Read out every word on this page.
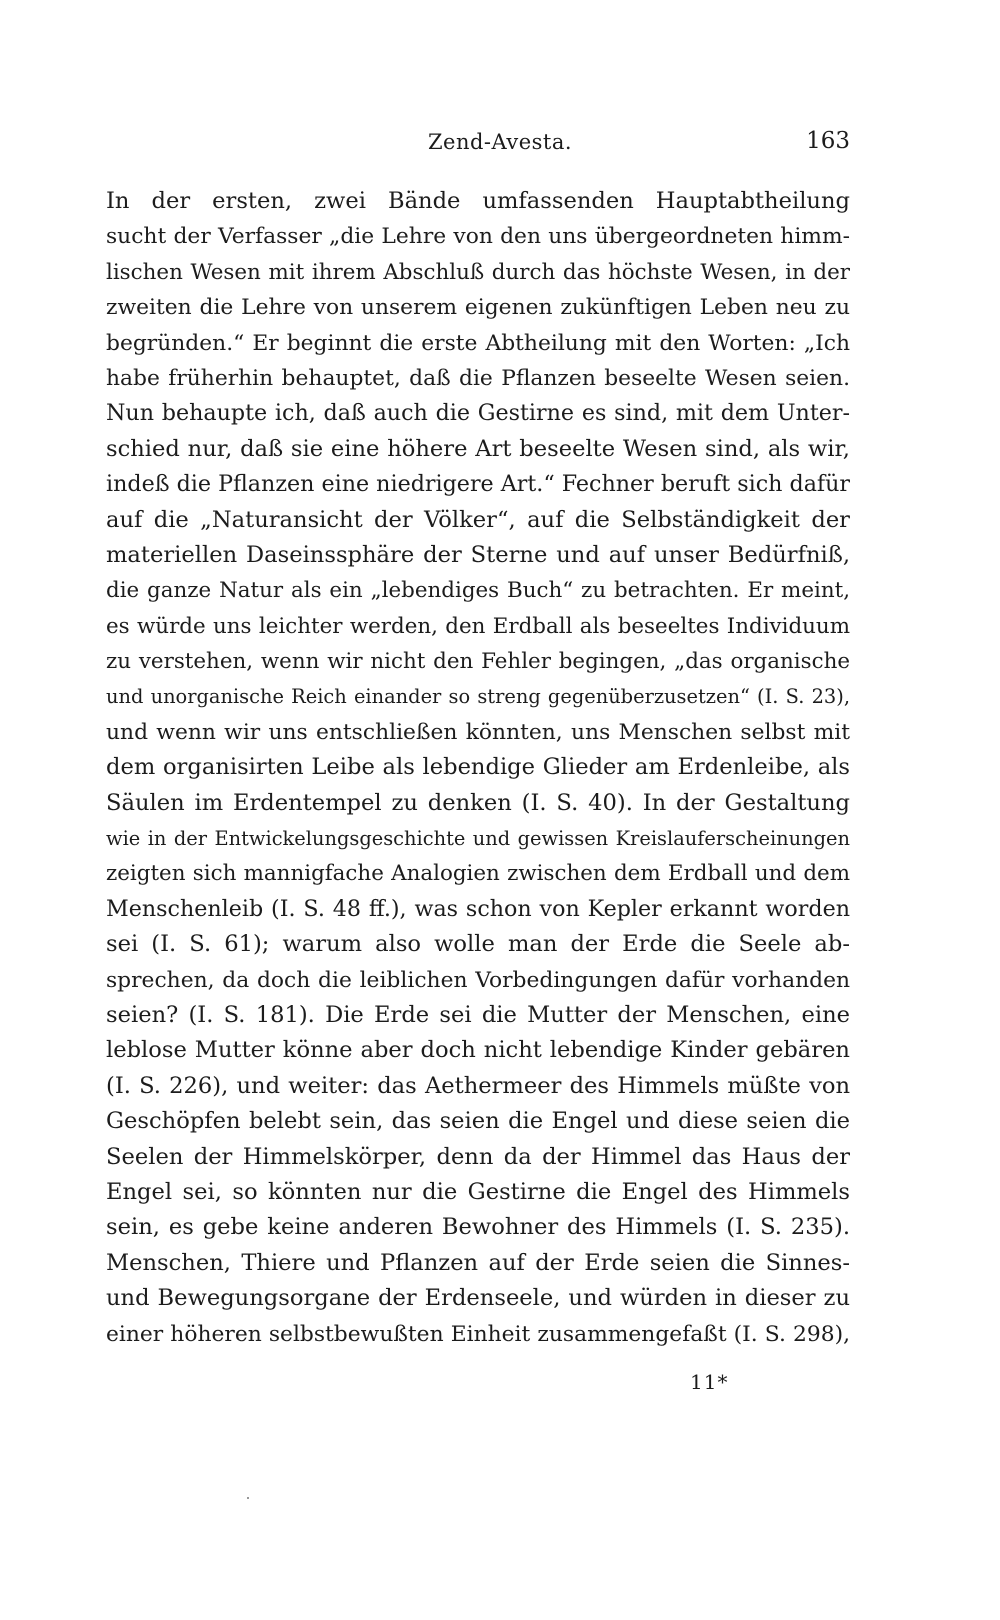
Zend-Avesta.	163
In der ersten, zwei Bände umfassenden Hauptabtheilung
sucht der Verfasser „die Lehre von den uns übergeordneten himm-
lischen Wesen mit ihrem Abschluß durch das höchste Wesen, in der
zweiten die Lehre von unserem eigenen zukünftigen Leben neu zu
begründen.“ Er beginnt die erste Abtheilung mit den Worten: „Ich
habe früherhin behauptet, daß die Pflanzen beseelte Wesen seien.
Nun behaupte ich, daß auch die Gestirne es sind, mit dem Unter-
schied nur, daß sie eine höhere Art beseelte Wesen sind, als wir,
indeß die Pflanzen eine niedrigere Art.“ Fechner beruft sich dafür
auf die „Naturansicht der Völker“, auf die Selbständigkeit der
materiellen Daseinssphäre der Sterne und auf unser Bedürfniß,
die ganze Natur als ein „lebendiges Buch“ zu betrachten. Er meint,
es würde uns leichter werden, den Erdball als beseeltes Individuum
zu verstehen, wenn wir nicht den Fehler begingen, „das organische
und unorganische Reich einander so streng gegenüberzusetzen“ (I. S. 23),
und wenn wir uns entschließen könnten, uns Menschen selbst mit
dem organisirten Leibe als lebendige Glieder am Erdenleibe, als
Säulen im Erdentempel zu denken (I. S. 40). In der Gestaltung
wie in der Entwickelungsgeschichte und gewissen Kreislauferscheinungen
zeigten sich mannigfache Analogien zwischen dem Erdball und dem
Menschenleib (I. S. 48 ff.), was schon von Kepler erkannt worden
sei (I. S. 61); warum also wolle man der Erde die Seele ab-
sprechen, da doch die leiblichen Vorbedingungen dafür vorhanden
seien? (I. S. 181). Die Erde sei die Mutter der Menschen, eine
leblose Mutter könne aber doch nicht lebendige Kinder gebären
(I. S. 226), und weiter: das Aethermeer des Himmels müßte von
Geschöpfen belebt sein, das seien die Engel und diese seien die
Seelen der Himmelskörper, denn da der Himmel das Haus der
Engel sei, so könnten nur die Gestirne die Engel des Himmels
sein, es gebe keine anderen Bewohner des Himmels (I. S. 235).
Menschen, Thiere und Pflanzen auf der Erde seien die Sinnes-
und Bewegungsorgane der Erdenseele, und würden in dieser zu
einer höheren selbstbewußten Einheit zusammengefaßt (I. S. 298),
11*
